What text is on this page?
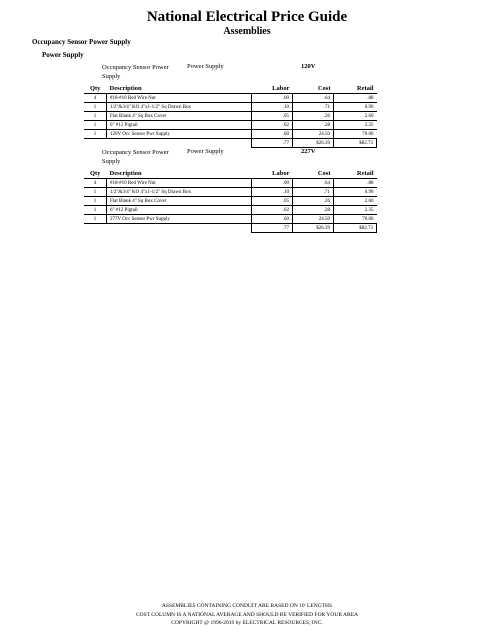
National Electrical Price Guide
Assemblies
Occupancy Sensor Power Supply
Power Supply
Occupancy Sensor Power Supply
Power Supply	120V
Qty	Description	Labor	Cost	Retail
4	#18-#10 Red Wire Nut	.00	.64	.88
1	1/2"&3/4" KO 4"x1-1/2" Sq Drawn Box	.10	.71	6.90
1	Flat Blank 4" Sq Box Cover	.05	.26	2.60
1	6" #12 Pigtail	.02	.28	2.35
1	120V Occ Sensor Pwr Supply	.60	24.50	70.00
		.77	$26.39	$82.73
Occupancy Sensor Power Supply
Power Supply	227V
Qty	Description	Labor	Cost	Retail
4	#18-#10 Red Wire Nut	.00	.64	.88
1	1/2"&3/4" KO 4"x1-1/2" Sq Drawn Box	.10	.71	6.90
1	Flat Blank 4" Sq Box Cover	.05	.26	2.60
1	6" #12 Pigtail	.02	.28	2.35
1	277V Occ Sensor Pwr Supply	.60	24.50	70.00
		.77	$26.39	$82.73
ASSEMBLIES CONTAINING CONDUIT ARE BASED ON 10' LENGTHS
COST COLUMN IS A NATIONAL AVERAGE AND SHOULD BE VERIFIED FOR YOUR AREA
COPYRIGHT @ 1996-2019 by ELECTRICAL RESOURCES, INC.
